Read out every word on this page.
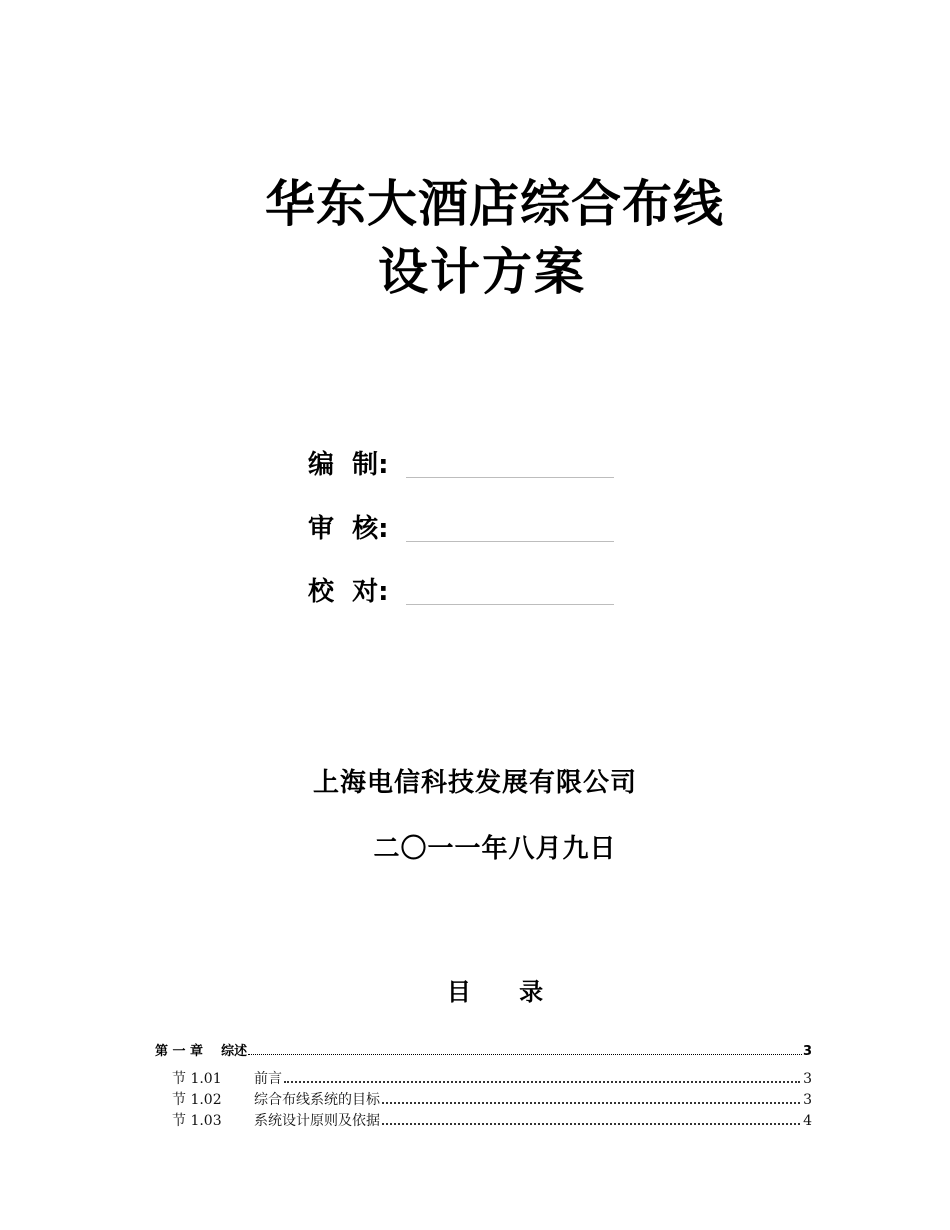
华东大酒店综合布线
设计方案
编  制:
审  核:
校  对:
上海电信科技发展有限公司
二〇一一年八月九日
目 录
第 一 章 综述	3
节 1.01	前言	3
节 1.02	综合布线系统的目标	3
节 1.03	系统设计原则及依据	4
